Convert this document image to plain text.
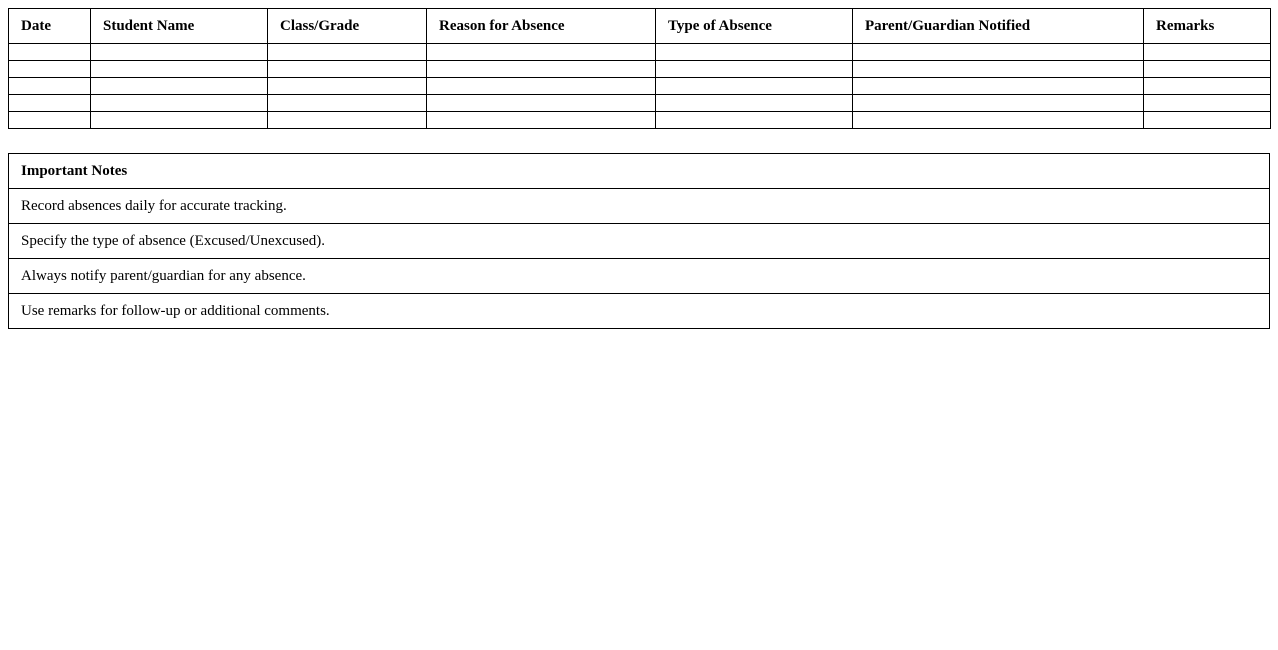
Date	Student Name	Class/Grade	Reason for Absence	Type of Absence	Parent/Guardian Notified	Remarks

Important Notes
Record absences daily for accurate tracking.
Specify the type of absence (Excused/Unexcused).
Always notify parent/guardian for any absence.
Use remarks for follow-up or additional comments.
